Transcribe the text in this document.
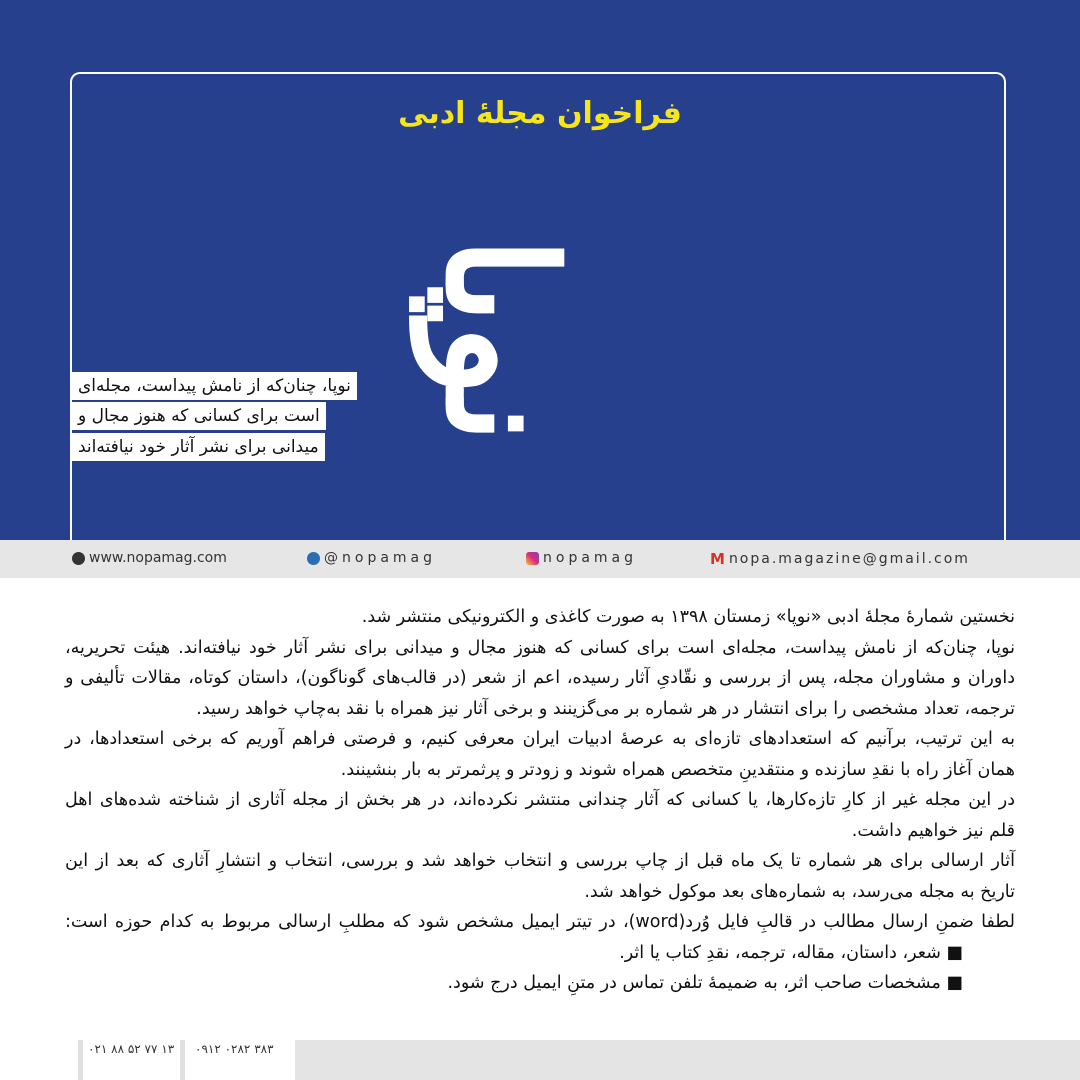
فراخوان مجلهٔ ادبی
نوپا
نوپا، چنان‌که از نامش پیداست، مجله‌ای
است برای کسانی که هنوز مجال و
میدانی برای نشر آثار خود نیافته‌اند
www.nopamag.com	@nopamag	nopamag	M nopa.magazine@gmail.com
نخستین شمارهٔ مجلهٔ ادبی «نوپا» زمستان ۱۳۹۸ به صورت کاغذی و الکترونیکی منتشر شد.
نوپا، چنان‌که از نامش پیداست، مجله‌ای است برای کسانی که هنوز مجال و میدانی برای نشر آثار خود نیافته‌اند. هیئت تحریریه،
داوران و مشاوران مجله، پس از بررسی و نقّادیِ آثار رسیده، اعم از شعر (در قالب‌های گوناگون)، داستان کوتاه، مقالات تألیفی و
ترجمه، تعداد مشخصی را برای انتشار در هر شماره بر می‌گزینند و برخی آثار نیز همراه با نقد به‌چاپ خواهد رسید.
به این ترتیب، برآنیم که استعدادهای تازه‌ای به عرصهٔ ادبیات ایران معرفی کنیم، و فرصتی فراهم آوریم که برخی استعدادها، در
همان آغاز راه با نقدِ سازنده و منتقدینِ متخصص همراه شوند و زودتر و پرثمرتر به بار بنشینند.
در این مجله غیر از کارِ تازه‌کارها، یا کسانی که آثار چندانی منتشر نکرده‌اند، در هر بخش از مجله آثاری از شناخته شده‌های اهل
قلم نیز خواهیم داشت.
آثار ارسالی برای هر شماره تا یک ماه قبل از چاپ بررسی و انتخاب خواهد شد و بررسی، انتخاب و انتشارِ آثاری که بعد از این
تاریخ به مجله می‌رسد، به شماره‌های بعد موکول خواهد شد.
لطفا ضمنِ ارسال مطالب در قالبِ فایل وُرد(word)، در تیتر ایمیل مشخص شود که مطلبِ ارسالی مربوط به کدام حوزه است:
■ شعر، داستان، مقاله، ترجمه، نقدِ کتاب یا اثر.
■ مشخصات صاحب اثر، به ضمیمهٔ تلفن تماس در متنِ ایمیل درج شود.
۰۲۱ ۸۸ ۵۲ ۷۷ ۱۳ ۰۹۱۲ ۰۲۸۲ ۳۸۳
